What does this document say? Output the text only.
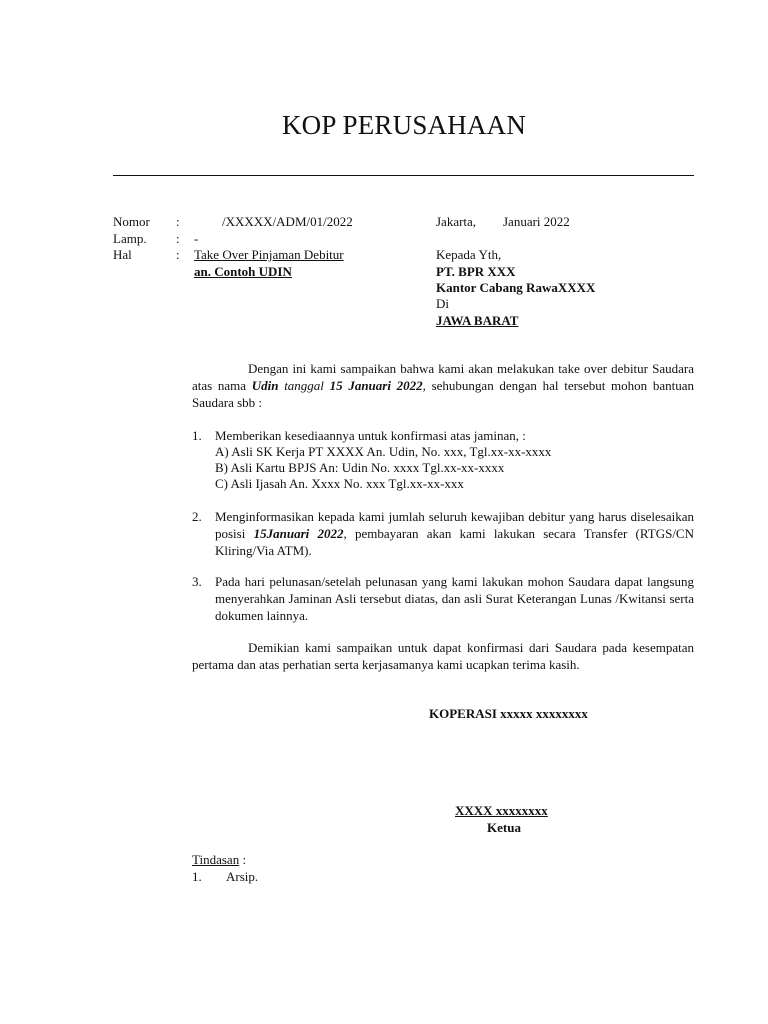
KOP PERUSAHAAN
Nomor :	/XXXXX/ADM/01/2022
Lamp. : -
Hal	: Take Over Pinjaman Debitur
an. Contoh UDIN
Jakarta, Januari 2022
Kepada Yth,
PT. BPR XXX
Kantor Cabang RawaXXXX
Di
JAWA BARAT
Dengan ini kami sampaikan bahwa kami akan melakukan take over debitur Saudara atas nama Udin tanggal 15 Januari 2022, sehubungan dengan hal tersebut mohon bantuan Saudara sbb :
1. Memberikan kesediaannya untuk konfirmasi atas jaminan, :
A) Asli SK Kerja PT XXXX An. Udin, No. xxx, Tgl.xx-xx-xxxx
B) Asli Kartu BPJS An: Udin No. xxxx Tgl.xx-xx-xxxx
C) Asli Ijasah An. Xxxx No. xxx Tgl.xx-xx-xxx
2. Menginformasikan kepada kami jumlah seluruh kewajiban debitur yang harus diselesaikan posisi 15Januari 2022, pembayaran akan kami lakukan secara Transfer (RTGS/CN Kliring/Via ATM).
3. Pada hari pelunasan/setelah pelunasan yang kami lakukan mohon Saudara dapat langsung menyerahkan Jaminan Asli tersebut diatas, dan asli Surat Keterangan Lunas /Kwitansi serta dokumen lainnya.
Demikian kami sampaikan untuk dapat konfirmasi dari Saudara pada kesempatan pertama dan atas perhatian serta kerjasamanya kami ucapkan terima kasih.
KOPERASI xxxxx xxxxxxxx
XXXX xxxxxxxx
Ketua
Tindasan :
1. Arsip.
